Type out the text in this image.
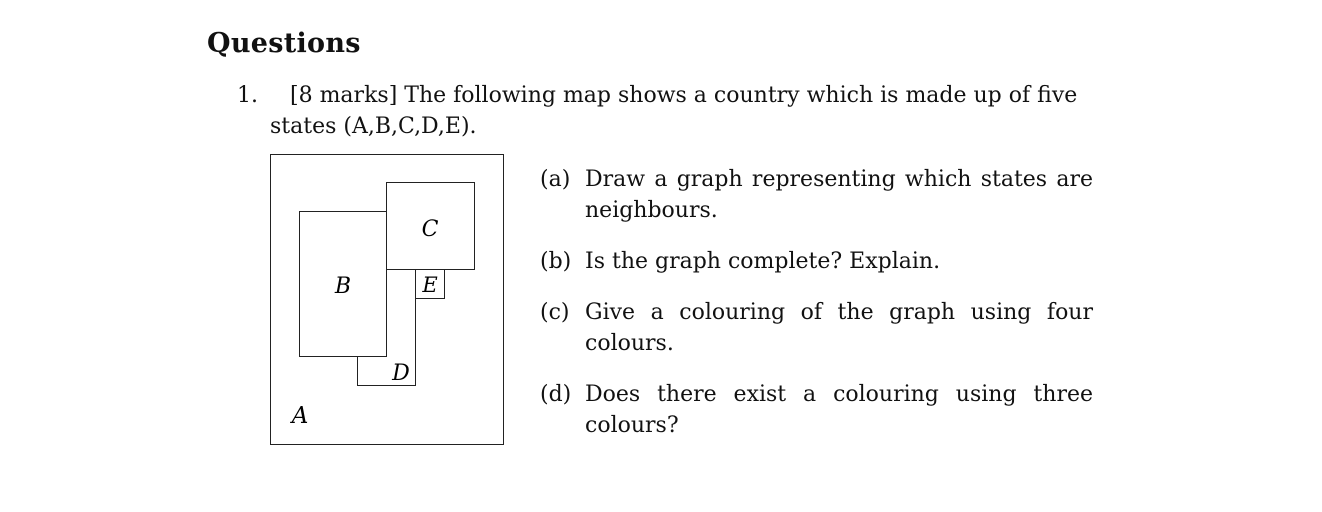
Questions
1. [8 marks] The following map shows a country which is made up of five
states (A,B,C,D,E).
A
B
C
D
E
(a) Draw a graph representing which states are neighbours.
(b) Is the graph complete? Explain.
(c) Give a colouring of the graph using four colours.
(d) Does there exist a colouring using three colours?
